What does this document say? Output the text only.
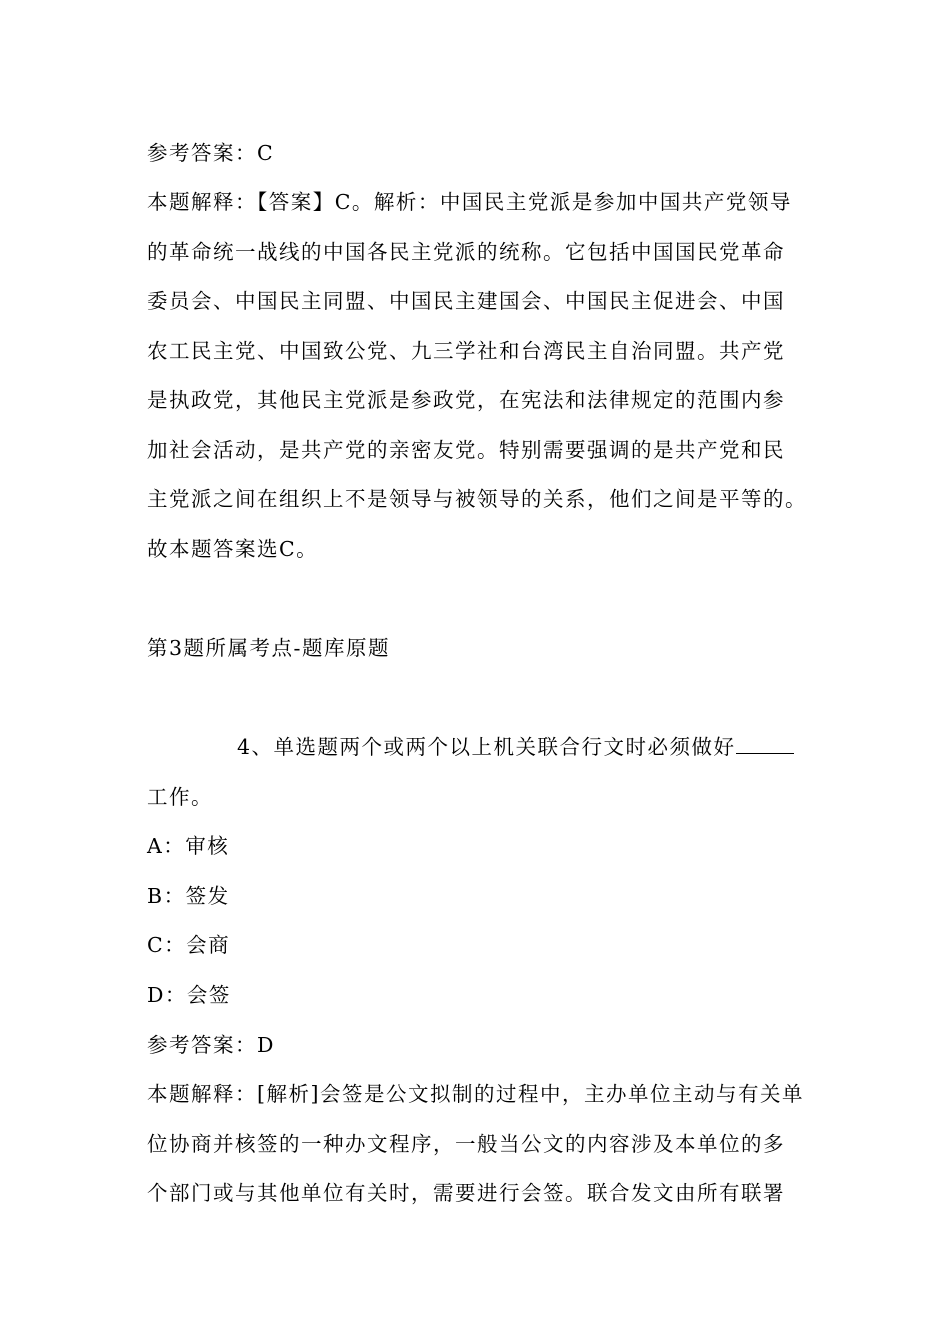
参考答案：C
本题解释：【答案】C。解析：中国民主党派是参加中国共产党领导
的革命统一战线的中国各民主党派的统称。它包括中国国民党革命
委员会、中国民主同盟、中国民主建国会、中国民主促进会、中国
农工民主党、中国致公党、九三学社和台湾民主自治同盟。共产党
是执政党，其他民主党派是参政党，在宪法和法律规定的范围内参
加社会活动，是共产党的亲密友党。特别需要强调的是共产党和民
主党派之间在组织上不是领导与被领导的关系，他们之间是平等的。
故本题答案选C。
第3题所属考点-题库原题
4、单选题两个或两个以上机关联合行文时必须做好
工作。
A：审核
B：签发
C：会商
D：会签
参考答案：D
本题解释：[解析]会签是公文拟制的过程中，主办单位主动与有关单
位协商并核签的一种办文程序，一般当公文的内容涉及本单位的多
个部门或与其他单位有关时，需要进行会签。联合发文由所有联署
